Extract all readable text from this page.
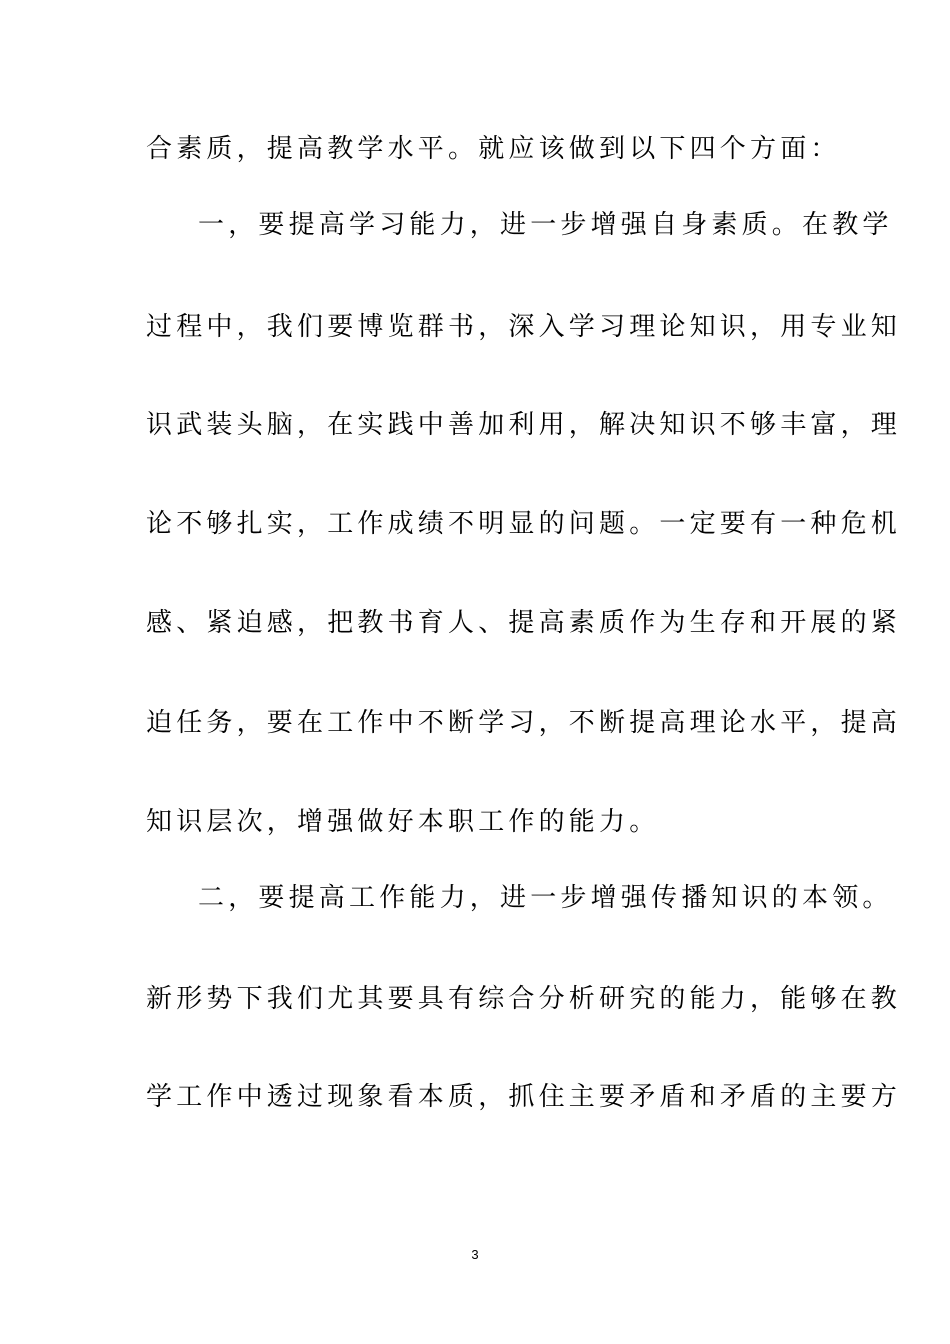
合素质，提高教学水平。就应该做到以下四个方面：
一，要提高学习能力，进一步增强自身素质。在教学
过程中，我们要博览群书，深入学习理论知识，用专业知
识武装头脑，在实践中善加利用，解决知识不够丰富，理
论不够扎实，工作成绩不明显的问题。一定要有一种危机
感、紧迫感，把教书育人、提高素质作为生存和开展的紧
迫任务，要在工作中不断学习，不断提高理论水平，提高
知识层次，增强做好本职工作的能力。
二，要提高工作能力，进一步增强传播知识的本领。
新形势下我们尤其要具有综合分析研究的能力，能够在教
学工作中透过现象看本质，抓住主要矛盾和矛盾的主要方
3
